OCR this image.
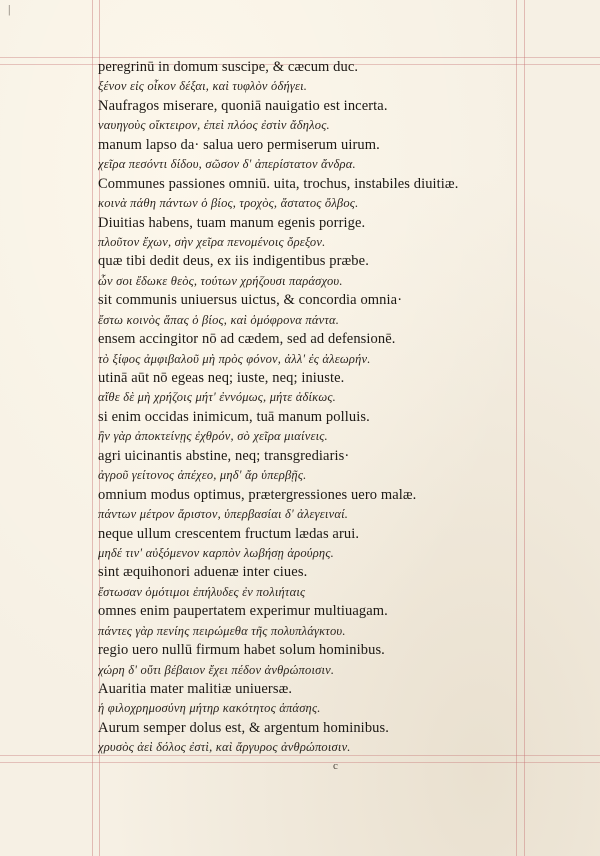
|
peregrinū in domum suscipe, & cæcum duc.
ξένον εἰς οἶκον δέξαι, καὶ τυφλὸν ὁδήγει.
Naufragos miserare, quoniā nauigatio est incerta.
ναυηγοὺς οἴκτειρον, ἐπεὶ πλόος ἐστὶν ἄδηλος.
manum lapso da· salua uero permiserum uirum.
χεῖρα πεσόντι δίδου, σῶσον δ' ἀπερίστατον ἄνδρα.
Communes passiones omniū. uita, trochus, instabiles diuitiæ.
κοινὰ πάθη πάντων ὁ βίος, τροχὸς, ἄστατος ὄλβος.
Diuitias habens, tuam manum egenis porrige.
πλοῦτον ἔχων, σὴν χεῖρα πενομένοις ὄρεξον.
quæ tibi dedit deus, ex iis indigentibus præbe.
ὧν σοι ἔδωκε θεὸς, τούτων χρήζουσι παράσχου.
sit communis uniuersus uictus, & concordia omnia·
ἔστω κοινὸς ἅπας ὁ βίος, καὶ ὁμόφρονα πάντα.
ensem accingitor nō ad cædem, sed ad defensionē.
τὸ ξίφος ἀμφιβαλοῦ μὴ πρὸς φόνον, ἀλλ' ἐς ἀλεωρήν.
utinā aūt nō egeas neq; iuste, neq; iniuste.
αἴθε δὲ μὴ χρήζοις μήτ' ἐννόμως, μήτε ἀδίκως.
si enim occidas inimicum, tuā manum polluis.
ἢν γὰρ ἀποκτείνῃς ἐχθρόν, σὸ χεῖρα μιαίνεις.
agri uicinantis abstine, neq; transgrediaris·
ἀγροῦ γείτονος ἀπέχεο, μηδ' ἄρ ὑπερβῇς.
omnium modus optimus, prætergressiones uero malæ.
πάντων μέτρον ἄριστον, ὑπερβασίαι δ' ἀλεγειναί.
neque ullum crescentem fructum lædas arui.
μηδέ τιν' αὐξόμενον καρπὸν λωβήσῃ ἀρούρης.
sint æquihonori aduenæ inter ciues.
ἔστωσαν ὁμότιμοι ἐπήλυδες ἐν πολιήταις
omnes enim paupertatem experimur multiuagam.
πάντες γὰρ πενίης πειρώμεθα τῆς πολυπλάγκτου.
regio uero nullū firmum habet solum hominibus.
χώρη δ' οὔτι βέβαιον ἔχει πέδον ἀνθρώποισιν.
Auaritia mater malitiæ uniuersæ.
ἡ φιλοχρημοσύνη μήτηρ κακότητος ἁπάσης.
Aurum semper dolus est, & argentum hominibus.
χρυσὸς ἀεὶ δόλος ἐστὶ, καὶ ἄργυρος ἀνθρώποισιν.
c
